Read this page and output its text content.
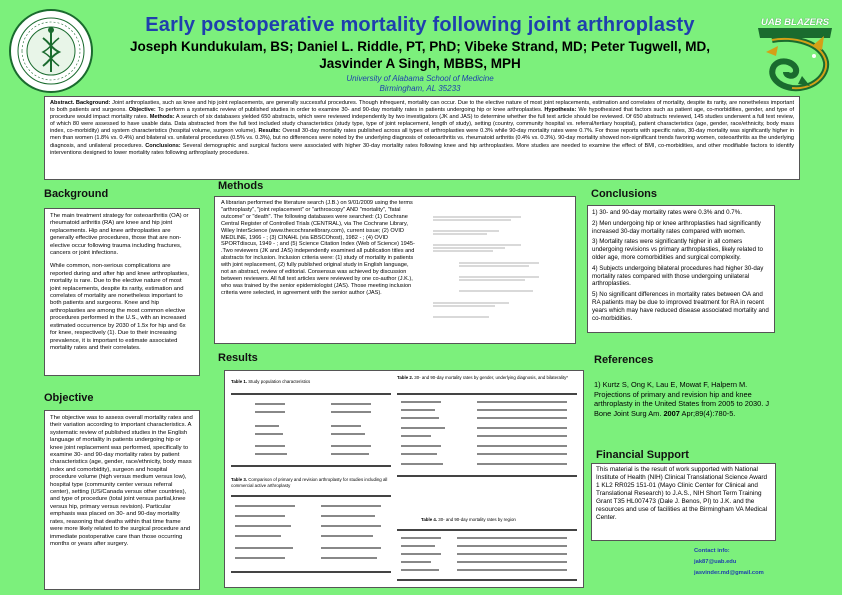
UAB BLAZERS
Early postoperative mortality following joint arthroplasty
Joseph Kundukulam, BS; Daniel L. Riddle, PT, PhD; Vibeke Strand, MD; Peter Tugwell, MD,
Jasvinder A Singh, MBBS, MPH
University of Alabama School of Medicine
Birmingham, AL 35233
Abstract. Background: Joint arthroplasties, such as knee and hip joint replacements, are generally successful procedures. Though infrequent, mortality can occur. Due to the elective nature of most joint replacements, estimation and correlates of mortality, despite its rarity, are nonetheless important to both patients and surgeons. Objective: To perform a systematic review of published studies in order to examine 30- and 90-day mortality rates in patients undergoing hip or knee arthroplasties. Hypothesis: We hypothesized that factors such as patient age, co-morbidities, gender, and type of procedure would impact mortality rates. Methods: A search of six databases yielded 650 abstracts, which were reviewed independently by two investigators (JK and JAS) to determine whether the full text article should be reviewed. Of 650 abstracts reviewed, 145 studies underwent a full text review, of which 80 were assessed to have usable data. Data abstracted from the full text included study characteristics (study type, type of joint replacement, length of study), setting (country, community hospital vs. referral/tertiary hospital), patient characteristics (age, gender, race/ethnicity, body mass index, co-morbidity) and system characteristics (hospital volume, surgeon volume). Results: Overall 30-day mortality rates published across all types of arthroplasties were 0.3% while 90-day mortality rates were 0.7%. For those reports with specific rates, 30-day mortality was significantly higher in men than women (1.8% vs. 0.4%) and bilateral vs. unilateral procedures (0.5% vs. 0.3%), but no differences were noted by the underlying diagnosis of osteoarthritis vs. rheumatoid arthritis (0.4% vs. 0.3%). 90-day mortality showed non-significant trends favoring women, osteoarthritis as the underlying diagnosis, and unilateral procedures. Conclusions: Several demographic and surgical factors were associated with higher 30-day mortality rates following knee and hip arthroplasties. More studies are needed to examine the effect of BMI, co-morbidities, and other modifiable factors to identify interventions designed to lower mortality rates following arthroplasty procedures.
Background

The main treatment strategy for osteoarthritis (OA) or rheumatoid arthritis (RA) are knee and hip joint replacements. Hip and knee arthroplasties are generally effective procedures, those that are non-elective occur following trauma including fractures, cancers or joint infections.

While common, non-serious complications are reported during and after hip and knee arthroplasties, mortality is rare. Due to the elective nature of most joint replacements, despite its rarity, estimation and correlates of mortality are nonetheless important to both patients and surgeons. Knee and hip arthroplasties are among the most common elective procedures performed in the U.S., with an increased estimated occurrence by 2030 of 1.5x for hip and 6x for knee, respectively (1). Due to their increasing prevalence, it is important to estimate associated mortality rates and their correlates.

Objective

The objective was to assess overall mortality rates and their variation according to important characteristics. A systematic review of published studies in the English language of mortality in patients undergoing hip or knee joint replacement was performed, specifically to examine 30- and 90-day mortality rates by patient characteristics (age, gender, race/ethnicity, body mass index and comorbidity), surgeon and hospital procedure volume (high versus medium versus low), hospital type (community center versus referral center), setting (US/Canada versus other countries), and type of procedure (total joint versus partial,knee versus hip, primary versus revision). Particular emphasis was placed on 30- and 90-day mortality rates, reasoning that deaths within that time frame were more likely related to the surgical procedure and immediate postoperative care than those occurring months or years after surgery.

Methods
A librarian performed the literature search (J.B.) on 9/01/2009 using the terms "arthroplasty", "joint replacement" or "arthroscopy" AND "mortality", "fatal outcome" or "death". The following databases were searched: (1) Cochrane Central Register of Controlled Trials (CENTRAL), via The Cochrane Library, Wiley InterScience (www.thecochranelibrary.com), current issue; (2) OVID MEDLINE, 1966 - ; (3) CINAHL (via EBSCOhost), 1982 - ; (4) OVID SPORTdiscus, 1949 - ; and (5) Science Citation Index (Web of Science) 1945- .Two reviewers (JK and JAS) independently examined all publication titles and abstracts for inclusion. Inclusion criteria were: (1) study of mortality in patients with joint replacement, (2) fully published original study in English language, not an abstract, review of editorial. Consensus was achieved by discussion between reviewers. All full text articles were reviewed by one co-author (J.K.), who was trained by the senior epidemiologist (JAS). Those meeting inclusion criteria were selected, in agreement with the senior author (JAS).
Results
Table 1. Study population characteristics
Table 3. Comparison of primary and revision arthroplasty for studies including all commercial active arthroplasty
Table 2. 30- and 90-day mortality rates by gender, underlying diagnosis, and bilaterality*
Table 4. 30- and 90-day mortality rates by region
Conclusions

1) 30- and 90-day mortality rates were 0.3% and 0.7%.

2) Men undergoing hip or knee arthroplasties had significantly increased 30-day mortality rates compared with women.

3) Mortality rates were significantly higher in all comers undergoing revisions vs primary arthroplasties, likely related to older age, more comorbidities and surgical complexity.

4) Subjects undergoing bilateral procedures had higher 30-day mortality rates compared with those undergoing unilateral arthroplasties.

5) No significant differences in mortality rates between OA and RA patients may be due to improved treatment for RA in recent years which may have reduced disease associated mortality and co-morbidities.

References
1) Kurtz S, Ong K, Lau E, Mowat F, Halpern M. Projections of primary and revision hip and knee arthroplasty in the United States from 2005 to 2030. J Bone Joint Surg Am. 2007 Apr;89(4):780-5.
Financial Support
This material is the result of work supported with National Institute of Health (NIH) Clinical Translational Science Award 1 KL2 RR025 151-01 (Mayo Clinic Center for Clinical and Translational Research) to J.A.S., NIH Short Term Training Grant T35 HL007473 (Dale J. Benos, PI) to J.K. and the resources and use of facilities at the Birmingham VA Medical Center.
Contact info:
jak87@uab.edu
jasvinder.md@gmail.com
